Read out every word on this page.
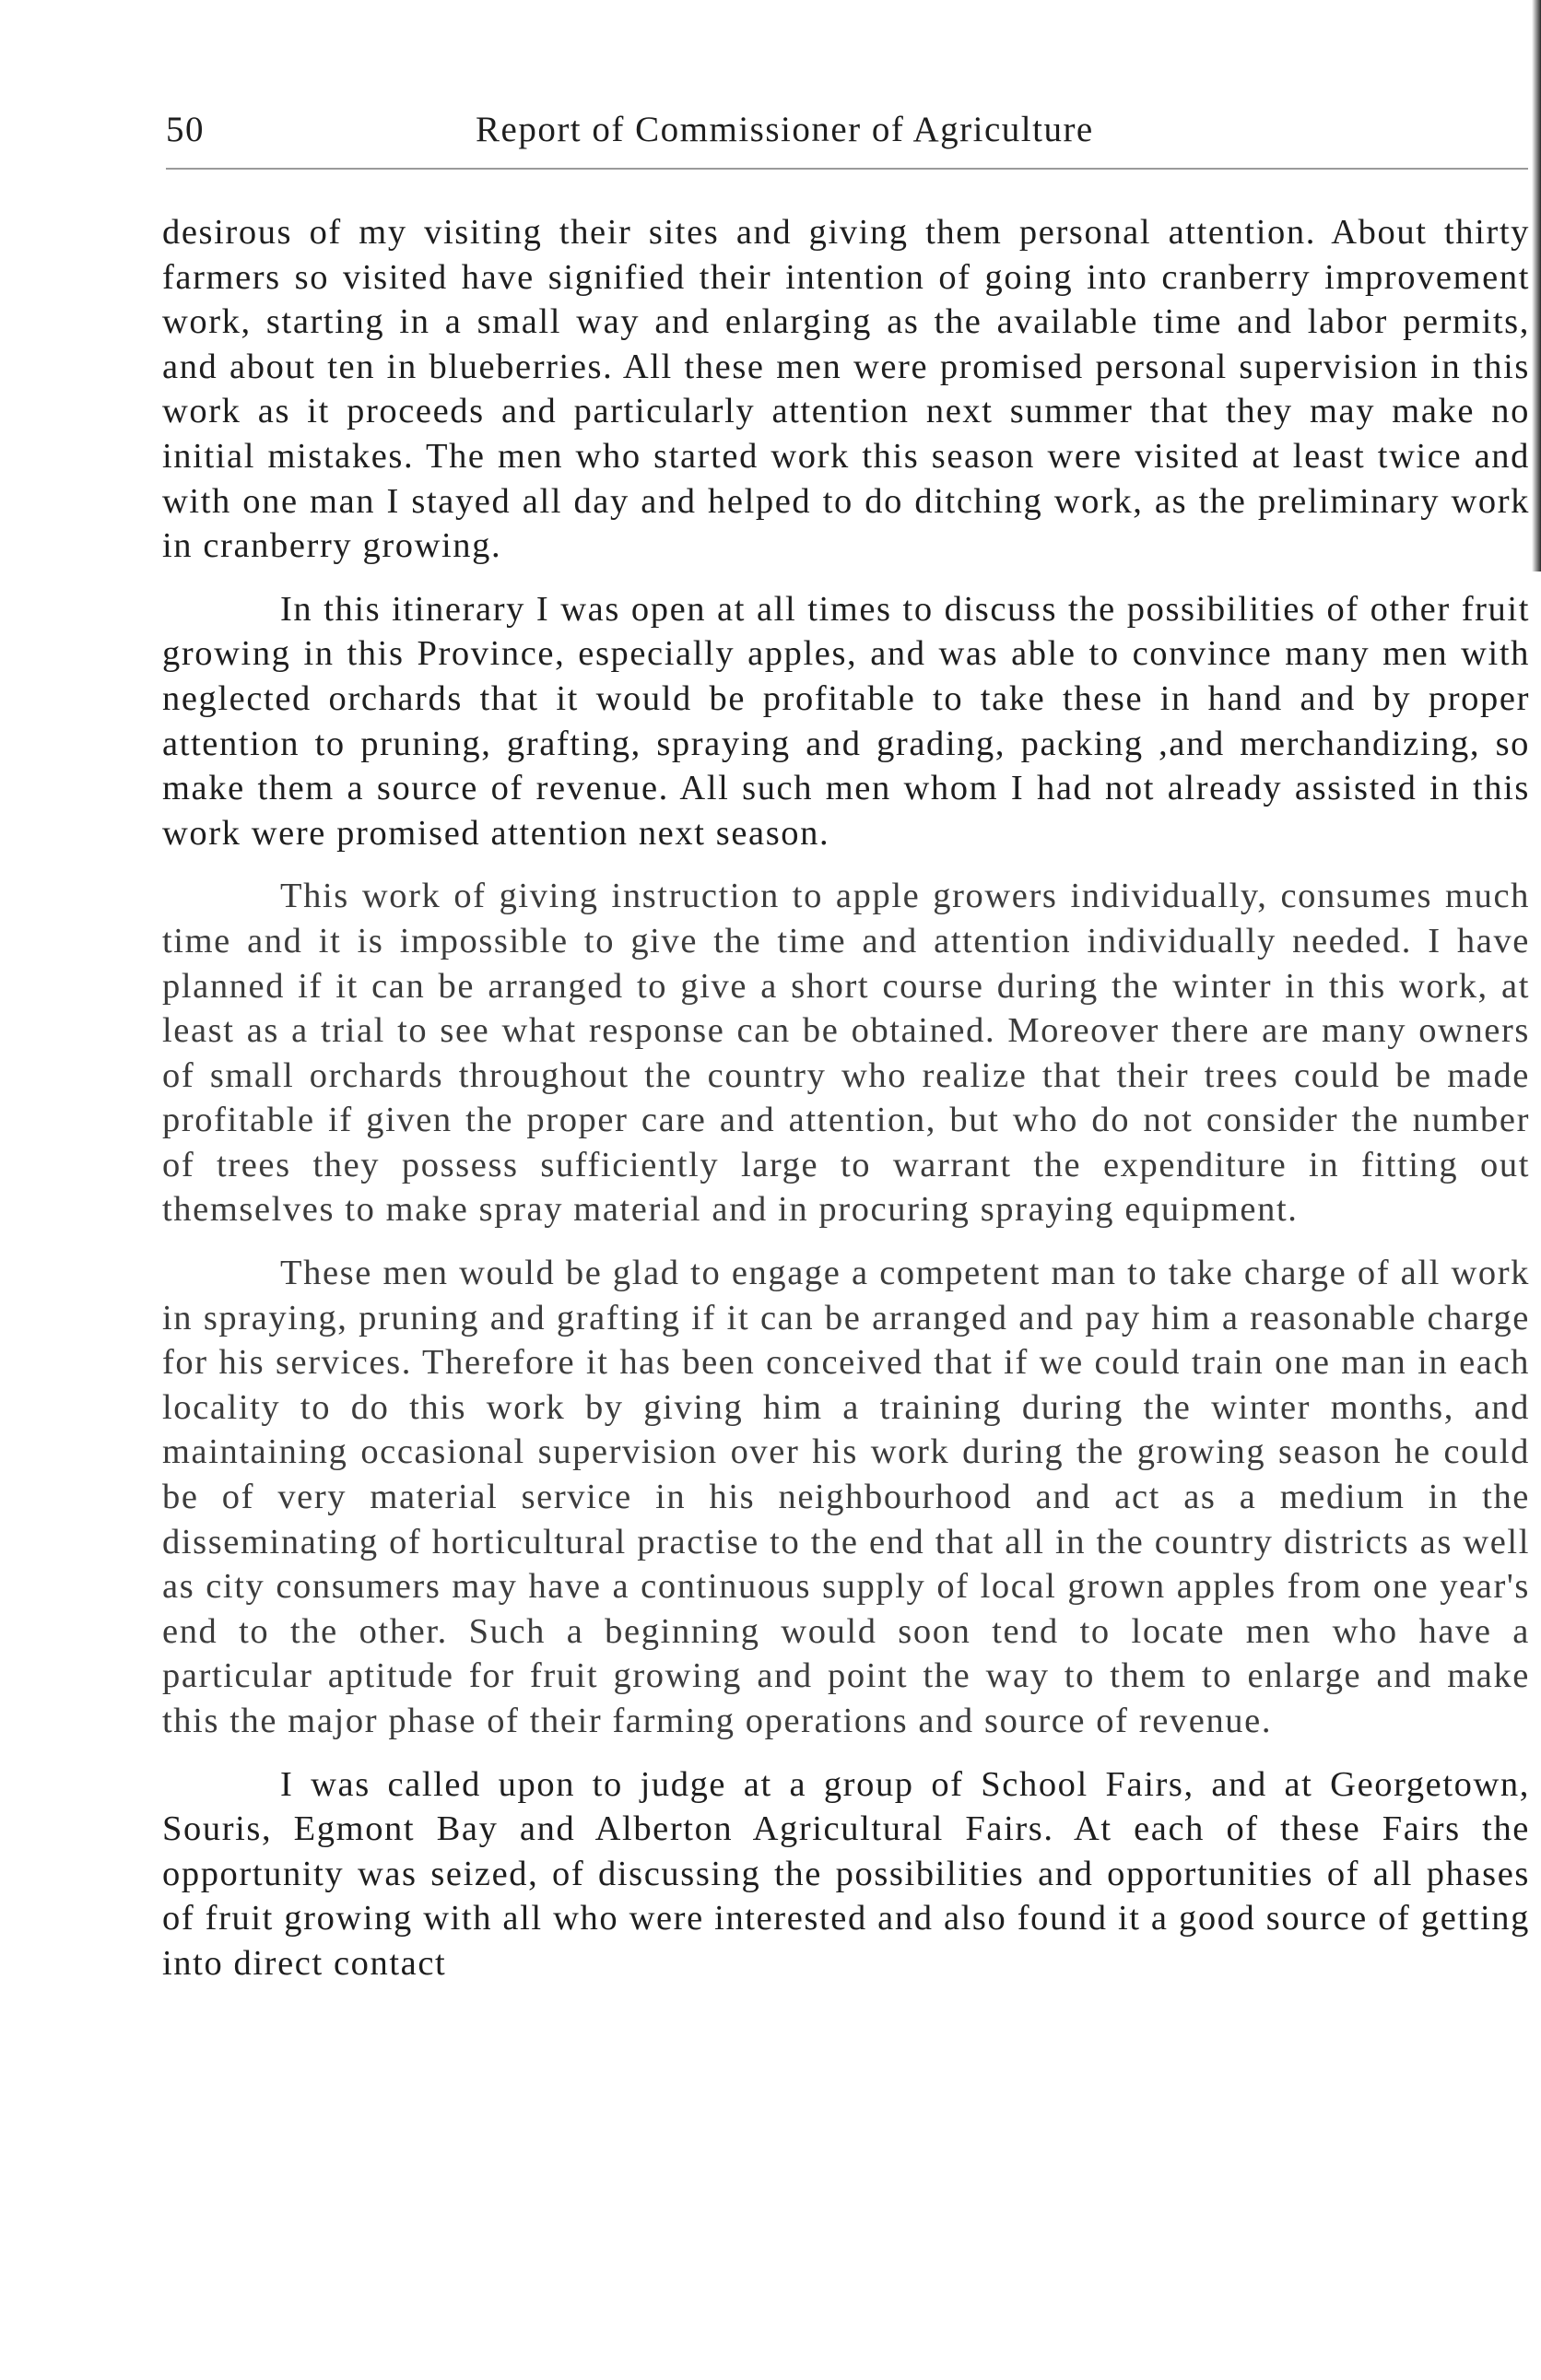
50	Report of Commissioner of Agriculture

desirous of my visiting their sites and giving them personal attention. About thirty farmers so visited have signified their intention of going into cranberry improvement work, starting in a small way and enlarging as the available time and labor permits, and about ten in blueberries. All these men were promised personal supervision in this work as it proceeds and particularly attention next summer that they may make no initial mistakes. The men who started work this season were visited at least twice and with one man I stayed all day and helped to do ditching work, as the preliminary work in cranberry growing.

In this itinerary I was open at all times to discuss the possibilities of other fruit growing in this Province, especially apples, and was able to convince many men with neglected orchards that it would be profitable to take these in hand and by proper attention to pruning, grafting, spraying and grading, packing ,and merchandizing, so make them a source of revenue. All such men whom I had not already assisted in this work were promised attention next season.

This work of giving instruction to apple growers individually, consumes much time and it is impossible to give the time and attention individually needed. I have planned if it can be arranged to give a short course during the winter in this work, at least as a trial to see what response can be obtained. Moreover there are many owners of small orchards throughout the country who realize that their trees could be made profitable if given the proper care and attention, but who do not consider the number of trees they possess sufficiently large to warrant the expenditure in fitting out themselves to make spray material and in procuring spraying equipment.

These men would be glad to engage a competent man to take charge of all work in spraying, pruning and grafting if it can be arranged and pay him a reasonable charge for his services. Therefore it has been conceived that if we could train one man in each locality to do this work by giving him a training during the winter months, and maintaining occasional supervision over his work during the growing season he could be of very material service in his neighbourhood and act as a medium in the disseminating of horticultural practise to the end that all in the country districts as well as city consumers may have a continuous supply of local grown apples from one year's end to the other. Such a beginning would soon tend to locate men who have a particular aptitude for fruit growing and point the way to them to enlarge and make this the major phase of their farming operations and source of revenue.

I was called upon to judge at a group of School Fairs, and at Georgetown, Souris, Egmont Bay and Alberton Agricultural Fairs. At each of these Fairs the opportunity was seized, of discussing the possibilities and opportunities of all phases of fruit growing with all who were interested and also found it a good source of getting into direct contact
